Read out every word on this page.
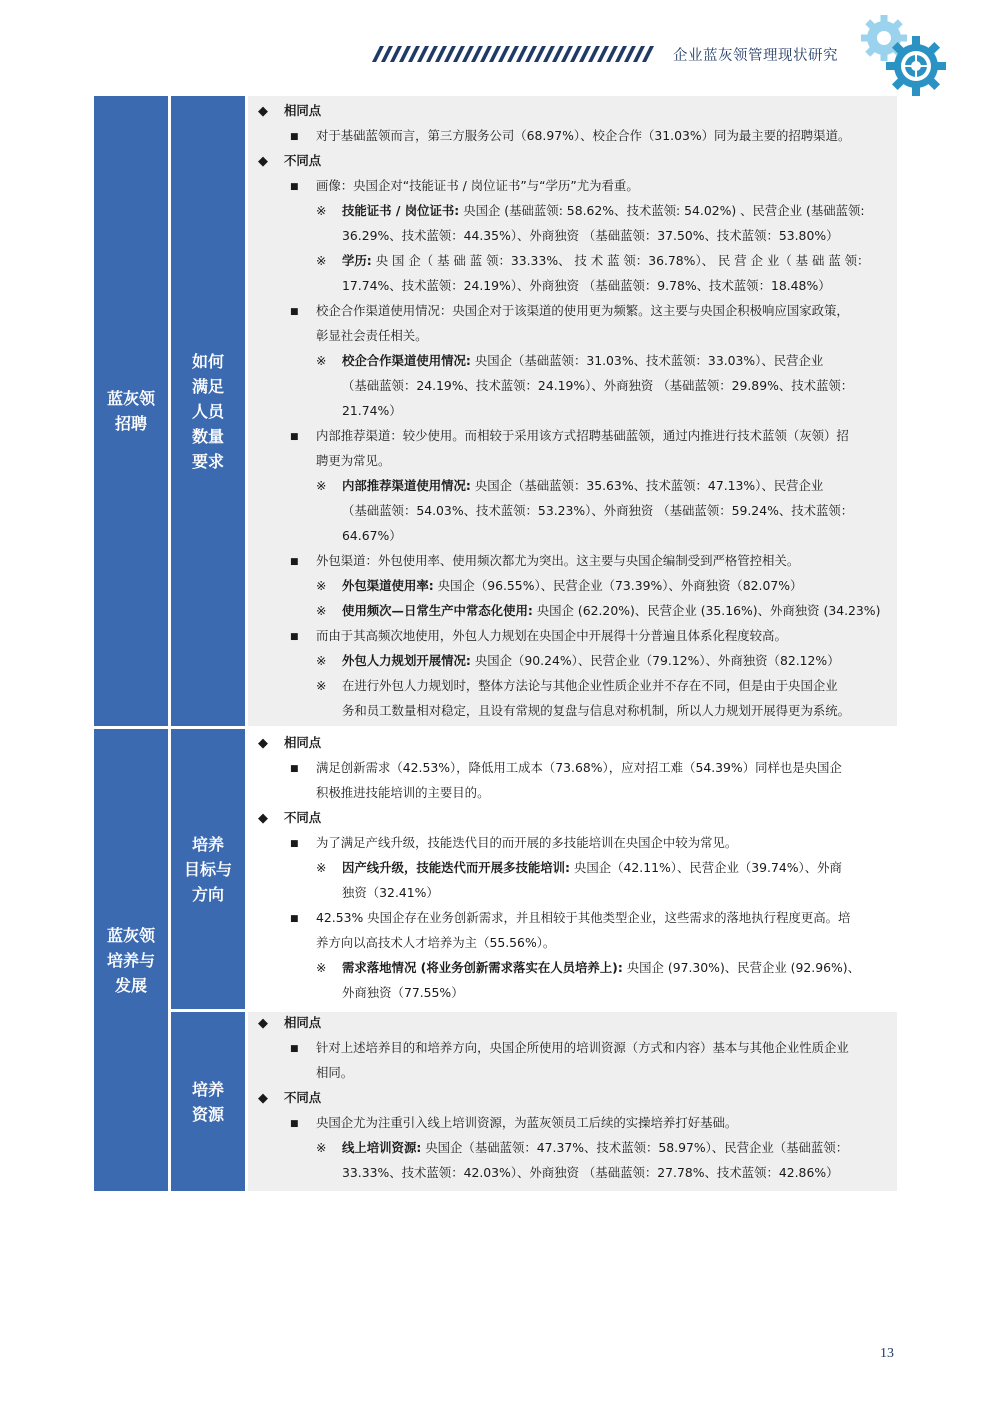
企业蓝灰领管理现状研究
蓝灰领
招聘
如何
满足
人员
数量
要求
◆ 相同点
■ 对于基础蓝领而言，第三方服务公司（68.97%）、校企合作（31.03%）同为最主要的招聘渠道。
◆ 不同点
■ 画像：央国企对“技能证书 / 岗位证书”与“学历”尤为看重。
※ 技能证书 / 岗位证书: 央国企 (基础蓝领: 58.62%、技术蓝领: 54.02%) 、民营企业 (基础蓝领:
36.29%、技术蓝领：44.35%）、外商独资 （基础蓝领：37.50%、技术蓝领：53.80%）
※ 学历: 央 国 企（ 基 础 蓝 领：33.33%、 技 术 蓝 领：36.78%）、 民 营 企 业（ 基 础 蓝 领：
17.74%、技术蓝领：24.19%）、外商独资 （基础蓝领：9.78%、技术蓝领：18.48%）
■ 校企合作渠道使用情况：央国企对于该渠道的使用更为频繁。这主要与央国企积极响应国家政策，
彰显社会责任相关。
※ 校企合作渠道使用情况: 央国企（基础蓝领：31.03%、技术蓝领：33.03%）、民营企业
（基础蓝领：24.19%、技术蓝领：24.19%）、外商独资 （基础蓝领：29.89%、技术蓝领：
21.74%）
■ 内部推荐渠道：较少使用。而相较于采用该方式招聘基础蓝领，通过内推进行技术蓝领（灰领）招
聘更为常见。
※ 内部推荐渠道使用情况: 央国企（基础蓝领：35.63%、技术蓝领：47.13%）、民营企业
（基础蓝领：54.03%、技术蓝领：53.23%）、外商独资 （基础蓝领：59.24%、技术蓝领：
64.67%）
■ 外包渠道：外包使用率、使用频次都尤为突出。这主要与央国企编制受到严格管控相关。
※ 外包渠道使用率: 央国企（96.55%）、民营企业（73.39%）、外商独资（82.07%）
※ 使用频次—日常生产中常态化使用: 央国企 (62.20%)、民营企业 (35.16%)、外商独资 (34.23%)
■ 而由于其高频次地使用，外包人力规划在央国企中开展得十分普遍且体系化程度较高。
※ 外包人力规划开展情况: 央国企（90.24%）、民营企业（79.12%）、外商独资（82.12%）
※ 在进行外包人力规划时，整体方法论与其他企业性质企业并不存在不同，但是由于央国企业
务和员工数量相对稳定，且设有常规的复盘与信息对称机制，所以人力规划开展得更为系统。
蓝灰领
培养与
发展
培养
目标与
方向
◆ 相同点
■ 满足创新需求（42.53%），降低用工成本（73.68%），应对招工难（54.39%）同样也是央国企
积极推进技能培训的主要目的。
◆ 不同点
■ 为了满足产线升级，技能迭代目的而开展的多技能培训在央国企中较为常见。
※ 因产线升级，技能迭代而开展多技能培训: 央国企（42.11%）、民营企业（39.74%）、外商
独资（32.41%）
■ 42.53% 央国企存在业务创新需求，并且相较于其他类型企业，这些需求的落地执行程度更高。培
养方向以高技术人才培养为主（55.56%）。
※ 需求落地情况 (将业务创新需求落实在人员培养上): 央国企 (97.30%)、民营企业 (92.96%)、
外商独资（77.55%）
培养
资源
◆ 相同点
■ 针对上述培养目的和培养方向，央国企所使用的培训资源（方式和内容）基本与其他企业性质企业
相同。
◆ 不同点
■ 央国企尤为注重引入线上培训资源，为蓝灰领员工后续的实操培养打好基础。
※ 线上培训资源: 央国企（基础蓝领：47.37%、技术蓝领：58.97%）、民营企业（基础蓝领：
33.33%、技术蓝领：42.03%）、外商独资 （基础蓝领：27.78%、技术蓝领：42.86%）
13
